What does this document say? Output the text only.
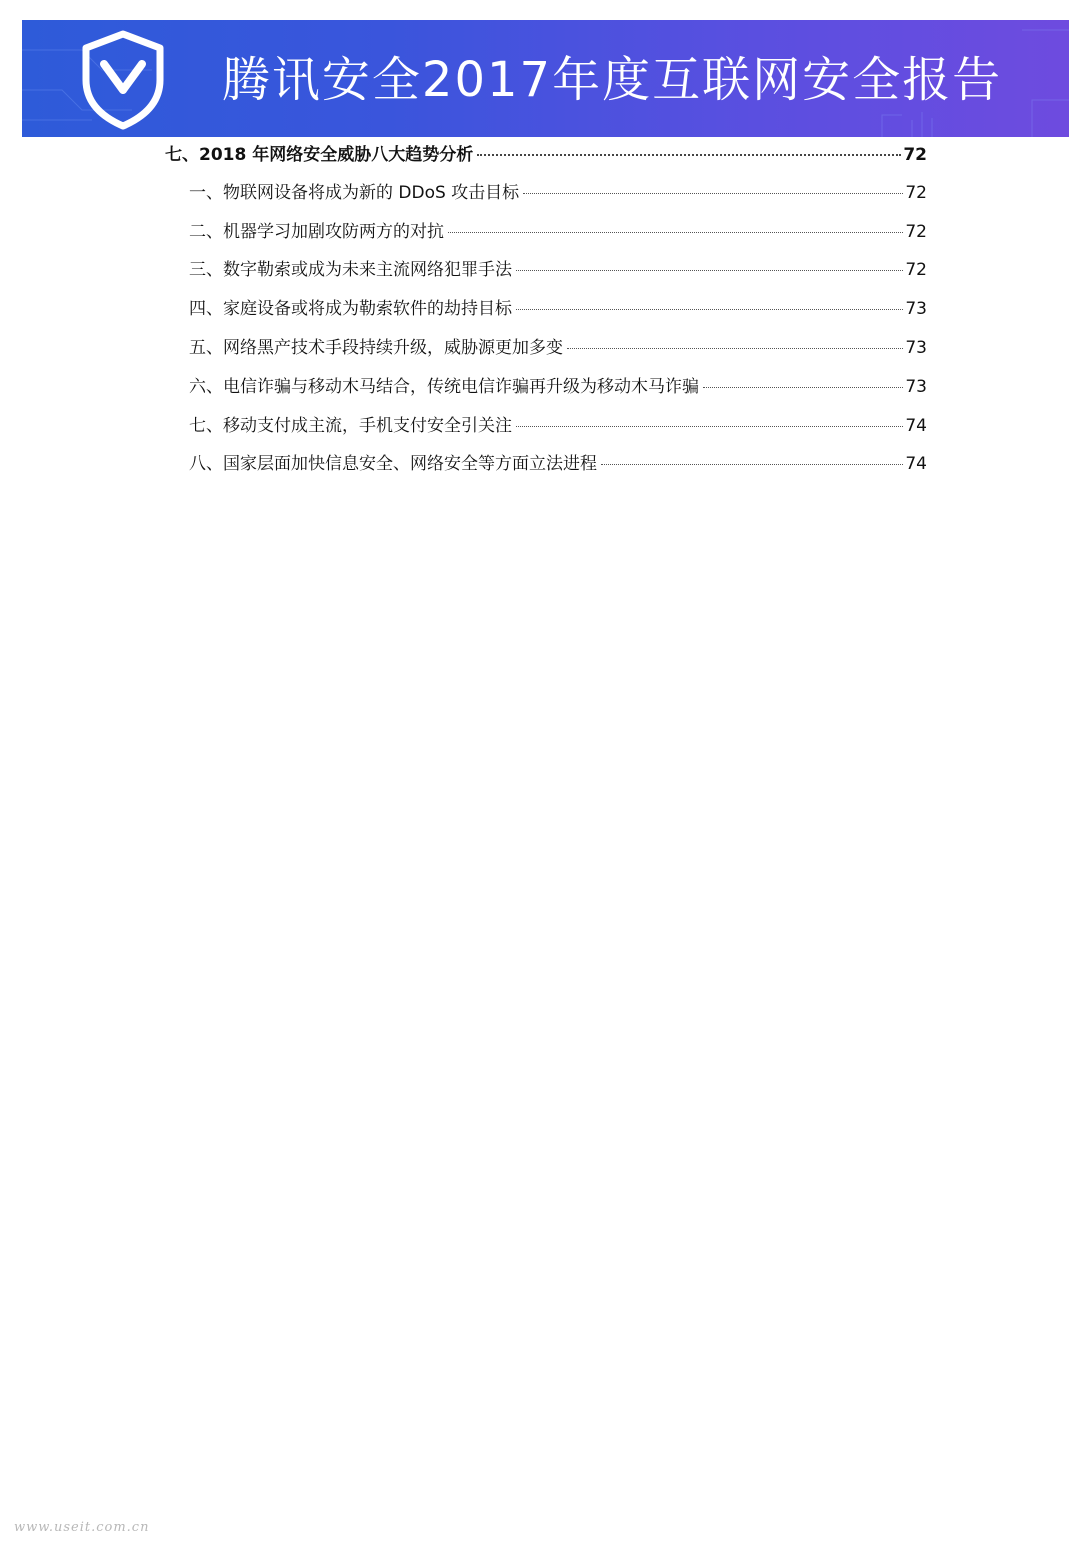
腾讯安全2017年度互联网安全报告
七、2018 年网络安全威胁八大趋势分析	72
一、物联网设备将成为新的 DDoS 攻击目标	72
二、机器学习加剧攻防两方的对抗	72
三、数字勒索或成为未来主流网络犯罪手法	72
四、家庭设备或将成为勒索软件的劫持目标	73
五、网络黑产技术手段持续升级，威胁源更加多变	73
六、电信诈骗与移动木马结合，传统电信诈骗再升级为移动木马诈骗	73
七、移动支付成主流，手机支付安全引关注	74
八、国家层面加快信息安全、网络安全等方面立法进程	74
www.useit.com.cn
